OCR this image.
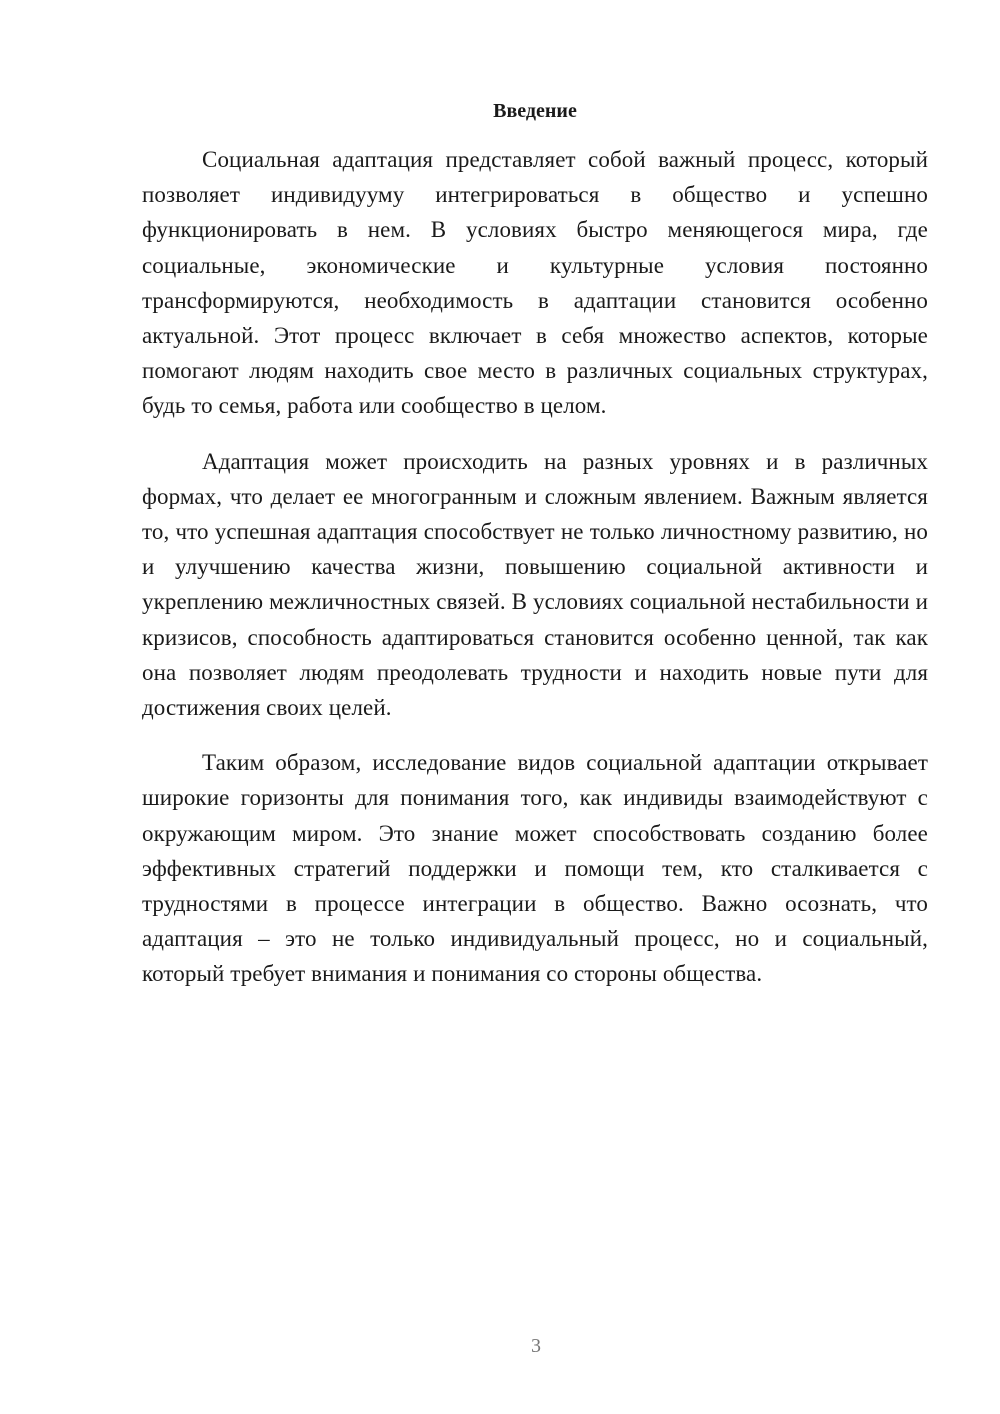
Введение

Социальная адаптация представляет собой важный процесс, который позволяет индивидууму интегрироваться в общество и успешно функционировать в нем. В условиях быстро меняющегося мира, где социальные, экономические и культурные условия постоянно трансформируются, необходимость в адаптации становится особенно актуальной. Этот процесс включает в себя множество аспектов, которые помогают людям находить свое место в различных социальных структурах, будь то семья, работа или сообщество в целом.

Адаптация может происходить на разных уровнях и в различных формах, что делает ее многогранным и сложным явлением. Важным является то, что успешная адаптация способствует не только личностному развитию, но и улучшению качества жизни, повышению социальной активности и укреплению межличностных связей. В условиях социальной нестабильности и кризисов, способность адаптироваться становится особенно ценной, так как она позволяет людям преодолевать трудности и находить новые пути для достижения своих целей.

Таким образом, исследование видов социальной адаптации открывает широкие горизонты для понимания того, как индивиды взаимодействуют с окружающим миром. Это знание может способствовать созданию более эффективных стратегий поддержки и помощи тем, кто сталкивается с трудностями в процессе интеграции в общество. Важно осознать, что адаптация – это не только индивидуальный процесс, но и социальный, который требует внимания и понимания со стороны общества.

3
